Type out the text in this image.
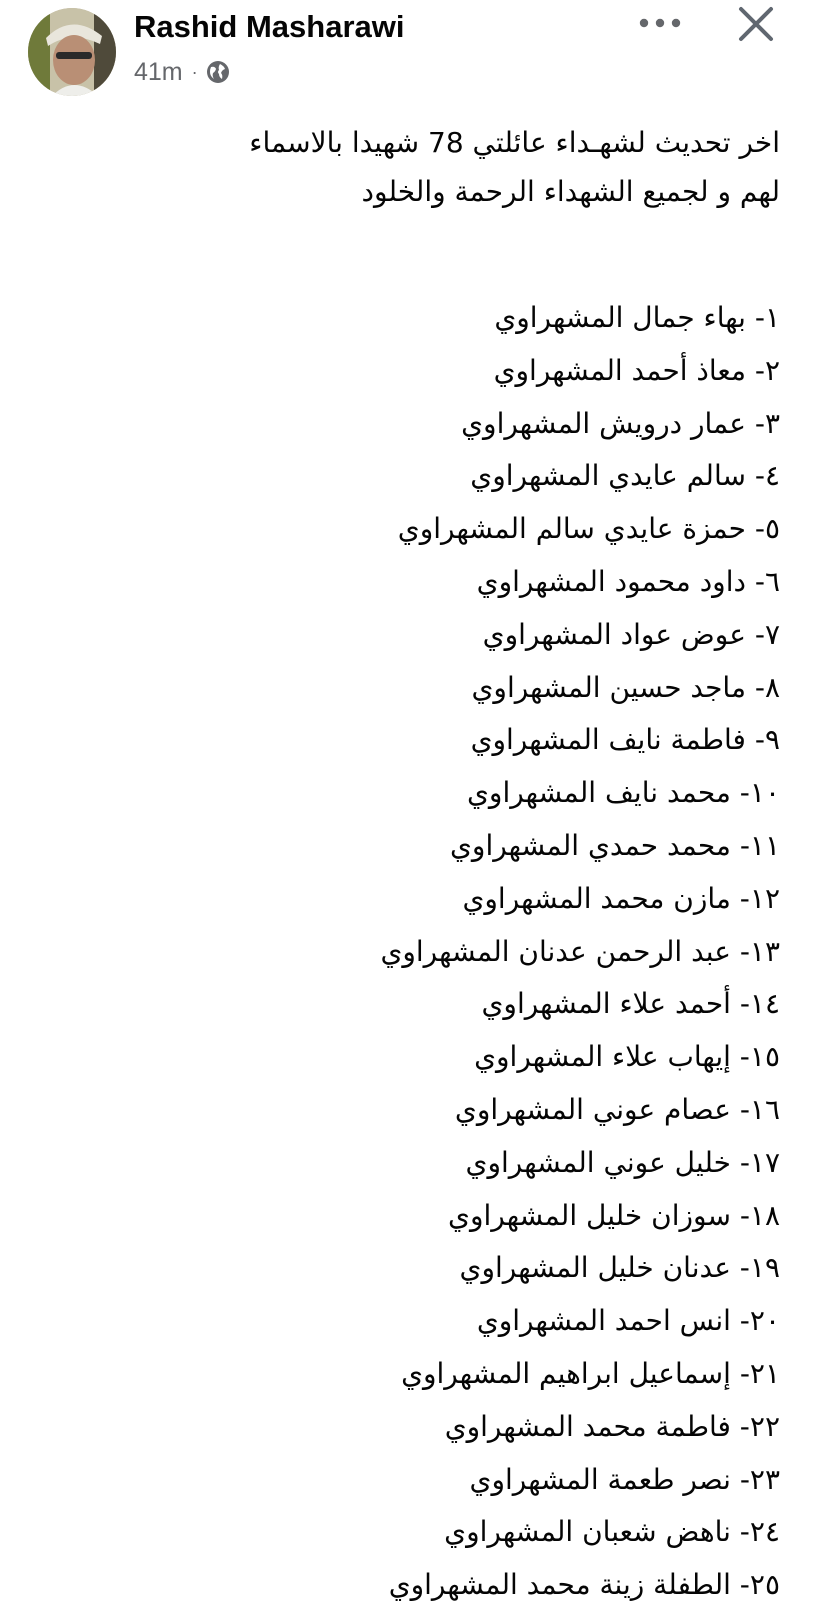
Rashid Masharawi
41m ·
اخر تحديث لشهـداء عائلتي 78 شهيدا بالاسماء
لهم و لجميع الشهداء الرحمة والخلود
١- بهاء جمال المشهراوي
٢- معاذ أحمد المشهراوي
٣- عمار درويش المشهراوي
٤- سالم عايدي المشهراوي
٥- حمزة عايدي سالم المشهراوي
٦- داود محمود المشهراوي
٧- عوض عواد المشهراوي
٨- ماجد حسين المشهراوي
٩- فاطمة نايف المشهراوي
١٠- محمد نايف المشهراوي
١١- محمد حمدي المشهراوي
١٢- مازن محمد المشهراوي
١٣- عبد الرحمن عدنان المشهراوي
١٤- أحمد علاء المشهراوي
١٥- إيهاب علاء المشهراوي
١٦- عصام عوني المشهراوي
١٧- خليل عوني المشهراوي
١٨- سوزان خليل المشهراوي
١٩- عدنان خليل المشهراوي
٢٠- انس احمد المشهراوي
٢١- إسماعيل ابراهيم المشهراوي
٢٢- فاطمة محمد المشهراوي
٢٣- نصر طعمة المشهراوي
٢٤- ناهض شعبان المشهراوي
٢٥- الطفلة زينة محمد المشهراوي
